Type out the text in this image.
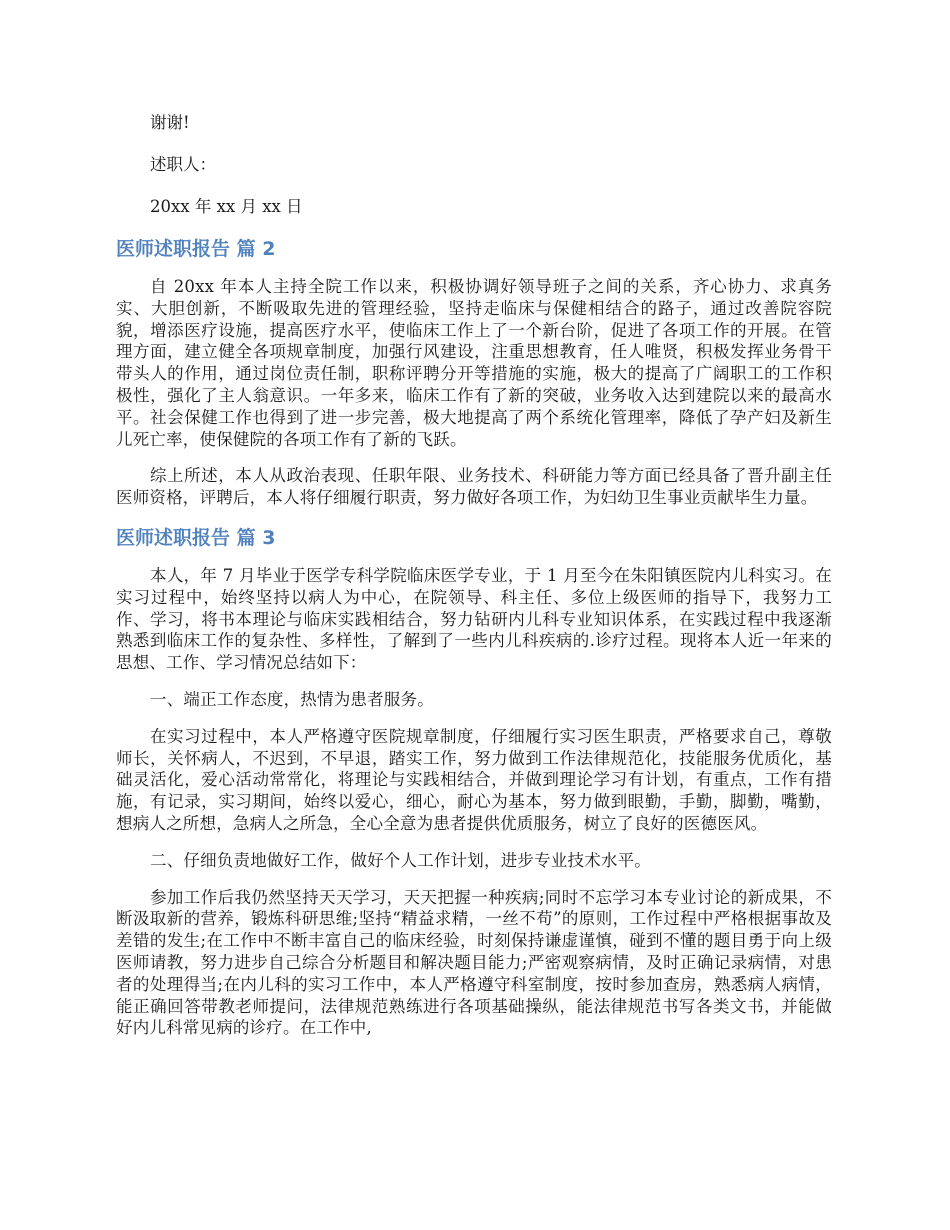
谢谢!

述职人：

20xx 年 xx 月 xx 日

医师述职报告 篇 2

自 20xx 年本人主持全院工作以来，积极协调好领导班子之间的关系，齐心协力、求真务实、大胆创新，不断吸取先进的管理经验，坚持走临床与保健相结合的路子，通过改善院容院貌，增添医疗设施，提高医疗水平，使临床工作上了一个新台阶，促进了各项工作的开展。在管理方面，建立健全各项规章制度，加强行风建设，注重思想教育，任人唯贤，积极发挥业务骨干带头人的作用，通过岗位责任制，职称评聘分开等措施的实施，极大的提高了广阔职工的工作积极性，强化了主人翁意识。一年多来，临床工作有了新的突破，业务收入达到建院以来的最高水平。社会保健工作也得到了进一步完善，极大地提高了两个系统化管理率，降低了孕产妇及新生儿死亡率，使保健院的各项工作有了新的飞跃。

综上所述，本人从政治表现、任职年限、业务技术、科研能力等方面已经具备了晋升副主任医师资格，评聘后，本人将仔细履行职责，努力做好各项工作，为妇幼卫生事业贡献毕生力量。

医师述职报告 篇 3

本人，年 7 月毕业于医学专科学院临床医学专业，于 1 月至今在朱阳镇医院内儿科实习。在实习过程中，始终坚持以病人为中心，在院领导、科主任、多位上级医师的指导下，我努力工作、学习，将书本理论与临床实践相结合，努力钻研内儿科专业知识体系，在实践过程中我逐渐熟悉到临床工作的复杂性、多样性，了解到了一些内儿科疾病的.诊疗过程。现将本人近一年来的思想、工作、学习情况总结如下：

一、端正工作态度，热情为患者服务。

在实习过程中，本人严格遵守医院规章制度，仔细履行实习医生职责，严格要求自己，尊敬师长，关怀病人，不迟到，不早退，踏实工作，努力做到工作法律规范化，技能服务优质化，基础灵活化，爱心活动常常化，将理论与实践相结合，并做到理论学习有计划，有重点，工作有措施，有记录，实习期间，始终以爱心，细心，耐心为基本，努力做到眼勤，手勤，脚勤，嘴勤，想病人之所想，急病人之所急，全心全意为患者提供优质服务，树立了良好的医德医风。

二、仔细负责地做好工作，做好个人工作计划，进步专业技术水平。

参加工作后我仍然坚持天天学习，天天把握一种疾病;同时不忘学习本专业讨论的新成果，不断汲取新的营养，锻炼科研思维;坚持“精益求精，一丝不苟”的原则，工作过程中严格根据事故及差错的发生;在工作中不断丰富自己的临床经验，时刻保持谦虚谨慎，碰到不懂的题目勇于向上级医师请教，努力进步自己综合分析题目和解决题目能力;严密观察病情，及时正确记录病情，对患者的处理得当;在内儿科的实习工作中，本人严格遵守科室制度，按时参加查房，熟悉病人病情，能正确回答带教老师提问，法律规范熟练进行各项基础操纵，能法律规范书写各类文书，并能做好内儿科常见病的诊疗。在工作中,
